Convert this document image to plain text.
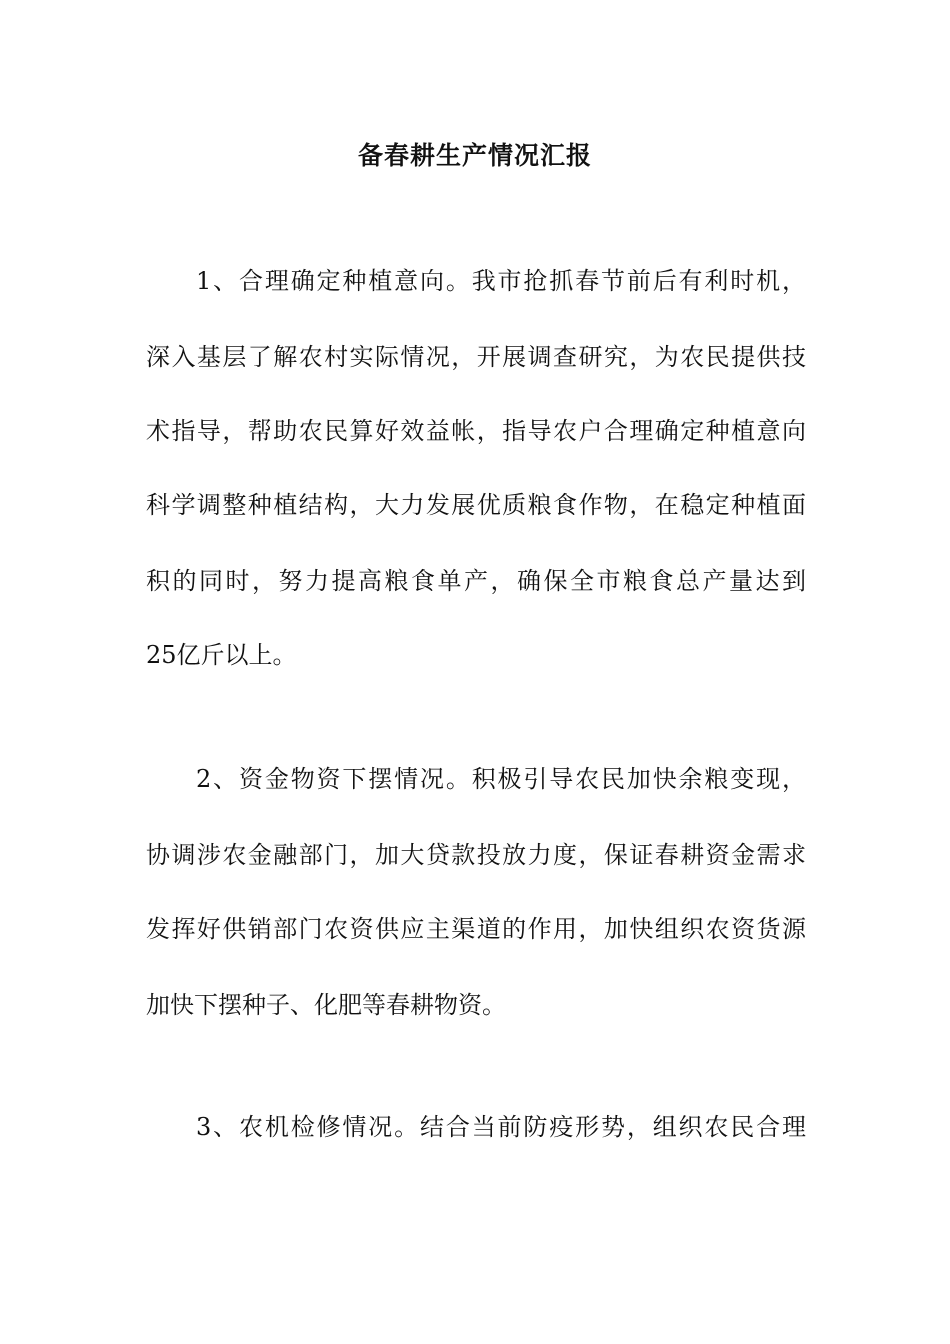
备春耕生产情况汇报

1、合理确定种植意向。我市抢抓春节前后有利时机，

深入基层了解农村实际情况，开展调查研究，为农民提供技

术指导，帮助农民算好效益帐，指导农户合理确定种植意向

科学调整种植结构，大力发展优质粮食作物，在稳定种植面

积的同时，努力提高粮食单产，确保全市粮食总产量达到

25亿斤以上。

2、资金物资下摆情况。积极引导农民加快余粮变现，

协调涉农金融部门，加大贷款投放力度，保证春耕资金需求

发挥好供销部门农资供应主渠道的作用，加快组织农资货源

加快下摆种子、化肥等春耕物资。

3、农机检修情况。结合当前防疫形势，组织农民合理
